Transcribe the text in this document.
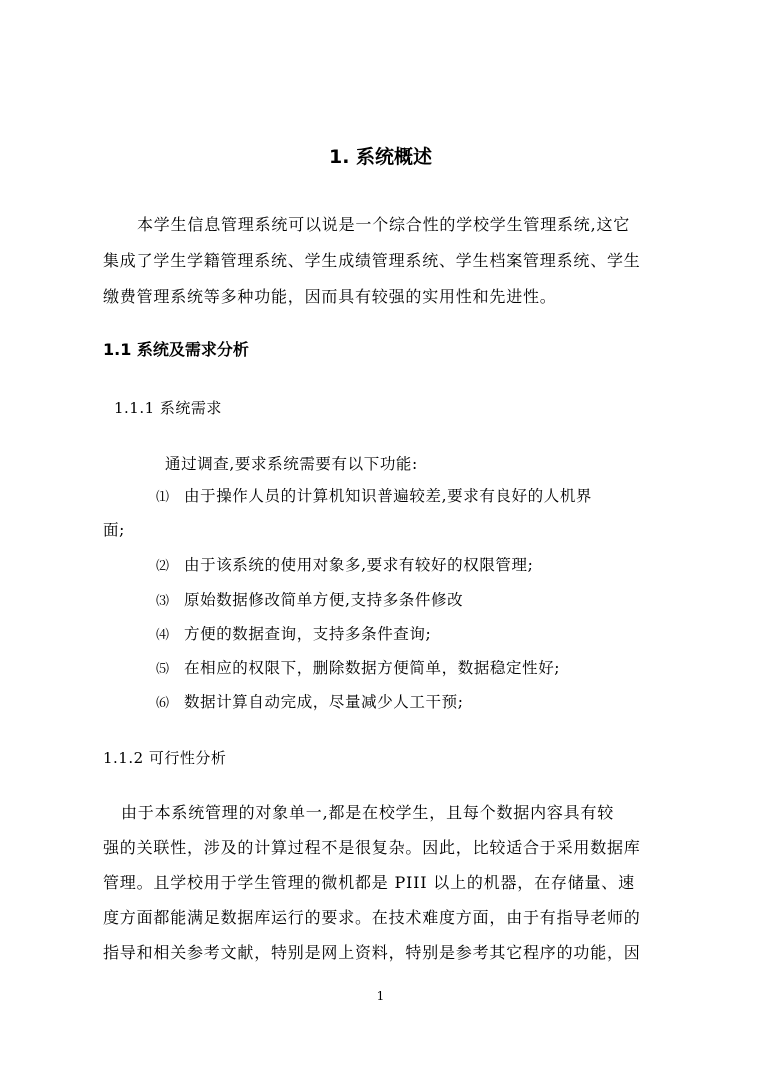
1. 系统概述
本学生信息管理系统可以说是一个综合性的学校学生管理系统,这它
集成了学生学籍管理系统、学生成绩管理系统、学生档案管理系统、学生
缴费管理系统等多种功能，因而具有较强的实用性和先进性。
1.1 系统及需求分析
1.1.1 系统需求
通过调查,要求系统需要有以下功能:
⑴ 由于操作人员的计算机知识普遍较差,要求有良好的人机界
面;
⑵ 由于该系统的使用对象多,要求有较好的权限管理;
⑶ 原始数据修改简单方便,支持多条件修改
⑷ 方便的数据查询，支持多条件查询;
⑸ 在相应的权限下，删除数据方便简单，数据稳定性好;
⑹ 数据计算自动完成，尽量减少人工干预;
1.1.2 可行性分析
由于本系统管理的对象单一,都是在校学生，且每个数据内容具有较
强的关联性，涉及的计算过程不是很复杂。因此，比较适合于采用数据库
管理。且学校用于学生管理的微机都是 PIII 以上的机器，在存储量、速
度方面都能满足数据库运行的要求。在技术难度方面，由于有指导老师的
指导和相关参考文献，特别是网上资料，特别是参考其它程序的功能，因
1
